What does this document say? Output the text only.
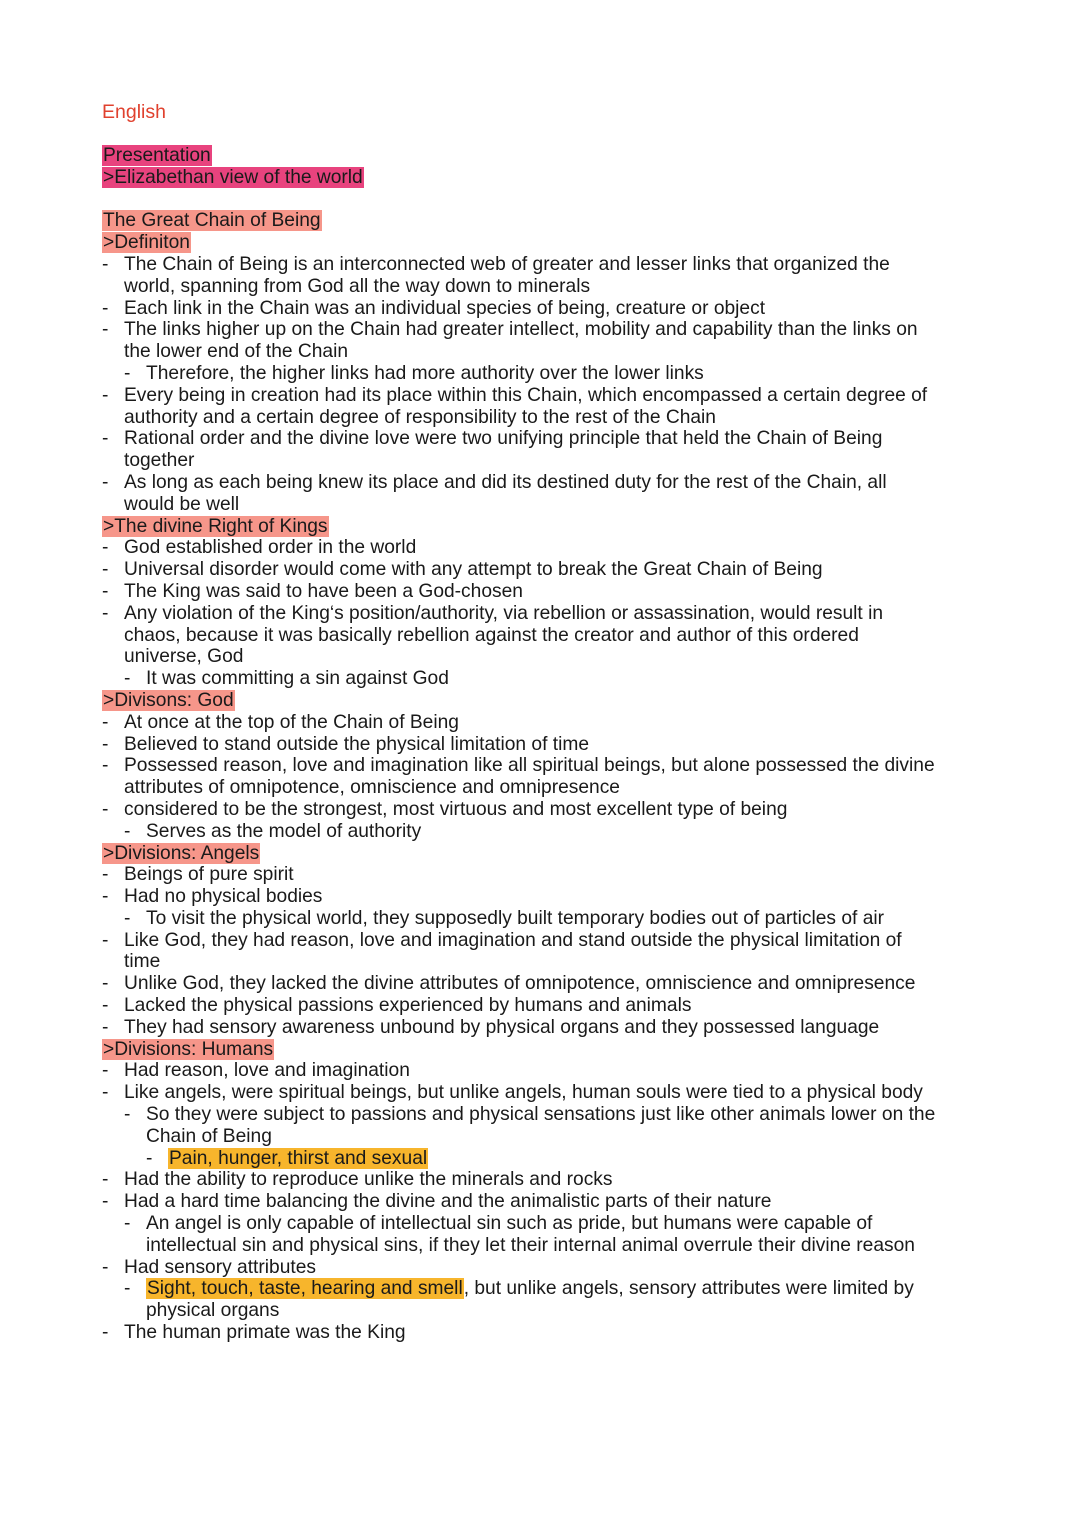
English
Presentation
>Elizabethan view of the world
The Great Chain of Being
>Definiton
- The Chain of Being is an interconnected web of greater and lesser links that organized the
world, spanning from God all the way down to minerals
- Each link in the Chain was an individual species of being, creature or object
- The links higher up on the Chain had greater intellect, mobility and capability than the links on
the lower end of the Chain
- Therefore, the higher links had more authority over the lower links
- Every being in creation had its place within this Chain, which encompassed a certain degree of
authority and a certain degree of responsibility to the rest of the Chain
- Rational order and the divine love were two unifying principle that held the Chain of Being
together
- As long as each being knew its place and did its destined duty for the rest of the Chain, all
would be well
>The divine Right of Kings
- God established order in the world
- Universal disorder would come with any attempt to break the Great Chain of Being
- The King was said to have been a God-chosen
- Any violation of the King‘s position/authority, via rebellion or assassination, would result in
chaos, because it was basically rebellion against the creator and author of this ordered
universe, God
- It was committing a sin against God
>Divisons: God
- At once at the top of the Chain of Being
- Believed to stand outside the physical limitation of time
- Possessed reason, love and imagination like all spiritual beings, but alone possessed the divine
attributes of omnipotence, omniscience and omnipresence
- considered to be the strongest, most virtuous and most excellent type of being
- Serves as the model of authority
>Divisions: Angels
- Beings of pure spirit
- Had no physical bodies
- To visit the physical world, they supposedly built temporary bodies out of particles of air
- Like God, they had reason, love and imagination and stand outside the physical limitation of
time
- Unlike God, they lacked the divine attributes of omnipotence, omniscience and omnipresence
- Lacked the physical passions experienced by humans and animals
- They had sensory awareness unbound by physical organs and they possessed language
>Divisions: Humans
- Had reason, love and imagination
- Like angels, were spiritual beings, but unlike angels, human souls were tied to a physical body
- So they were subject to passions and physical sensations just like other animals lower on the
Chain of Being
- Pain, hunger, thirst and sexual
- Had the ability to reproduce unlike the minerals and rocks
- Had a hard time balancing the divine and the animalistic parts of their nature
- An angel is only capable of intellectual sin such as pride, but humans were capable of
intellectual sin and physical sins, if they let their internal animal overrule their divine reason
- Had sensory attributes
- Sight, touch, taste, hearing and smell, but unlike angels, sensory attributes were limited by
physical organs
- The human primate was the King
